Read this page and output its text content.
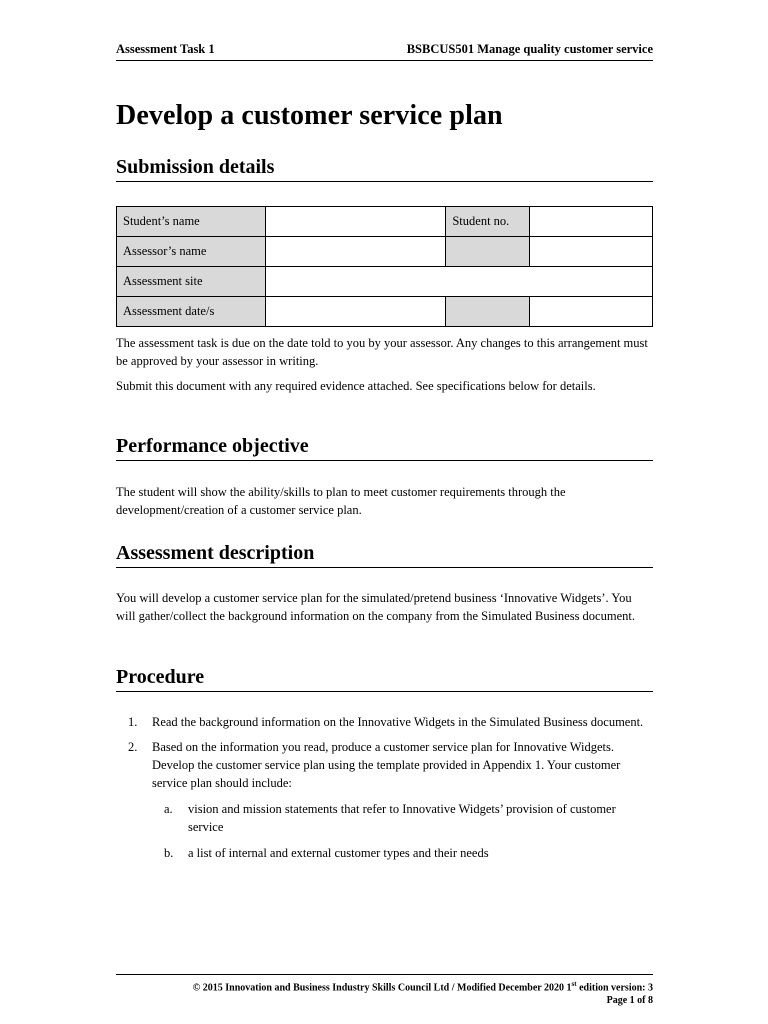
Assessment Task 1	BSBCUS501 Manage quality customer service
Develop a customer service plan
Submission details
Student’s name		Student no.	
Assessor’s name			
Assessment site			
Assessment date/s			

The assessment task is due on the date told to you by your assessor. Any changes to this arrangement must be approved by your assessor in writing.

Submit this document with any required evidence attached. See specifications below for details.

Performance objective

The student will show the ability/skills to plan to meet customer requirements through the development/creation of a customer service plan.

Assessment description

You will develop a customer service plan for the simulated/pretend business ‘Innovative Widgets’. You will gather/collect the background information on the company from the Simulated Business document.

Procedure
1. Read the background information on the Innovative Widgets in the Simulated Business document.
2. Based on the information you read, produce a customer service plan for Innovative Widgets. Develop the customer service plan using the template provided in Appendix 1. Your customer service plan should include:
a. vision and mission statements that refer to Innovative Widgets’ provision of customer service
b. a list of internal and external customer types and their needs
© 2015 Innovation and Business Industry Skills Council Ltd / Modified December 2020 1st edition version: 3
Page 1 of 8
